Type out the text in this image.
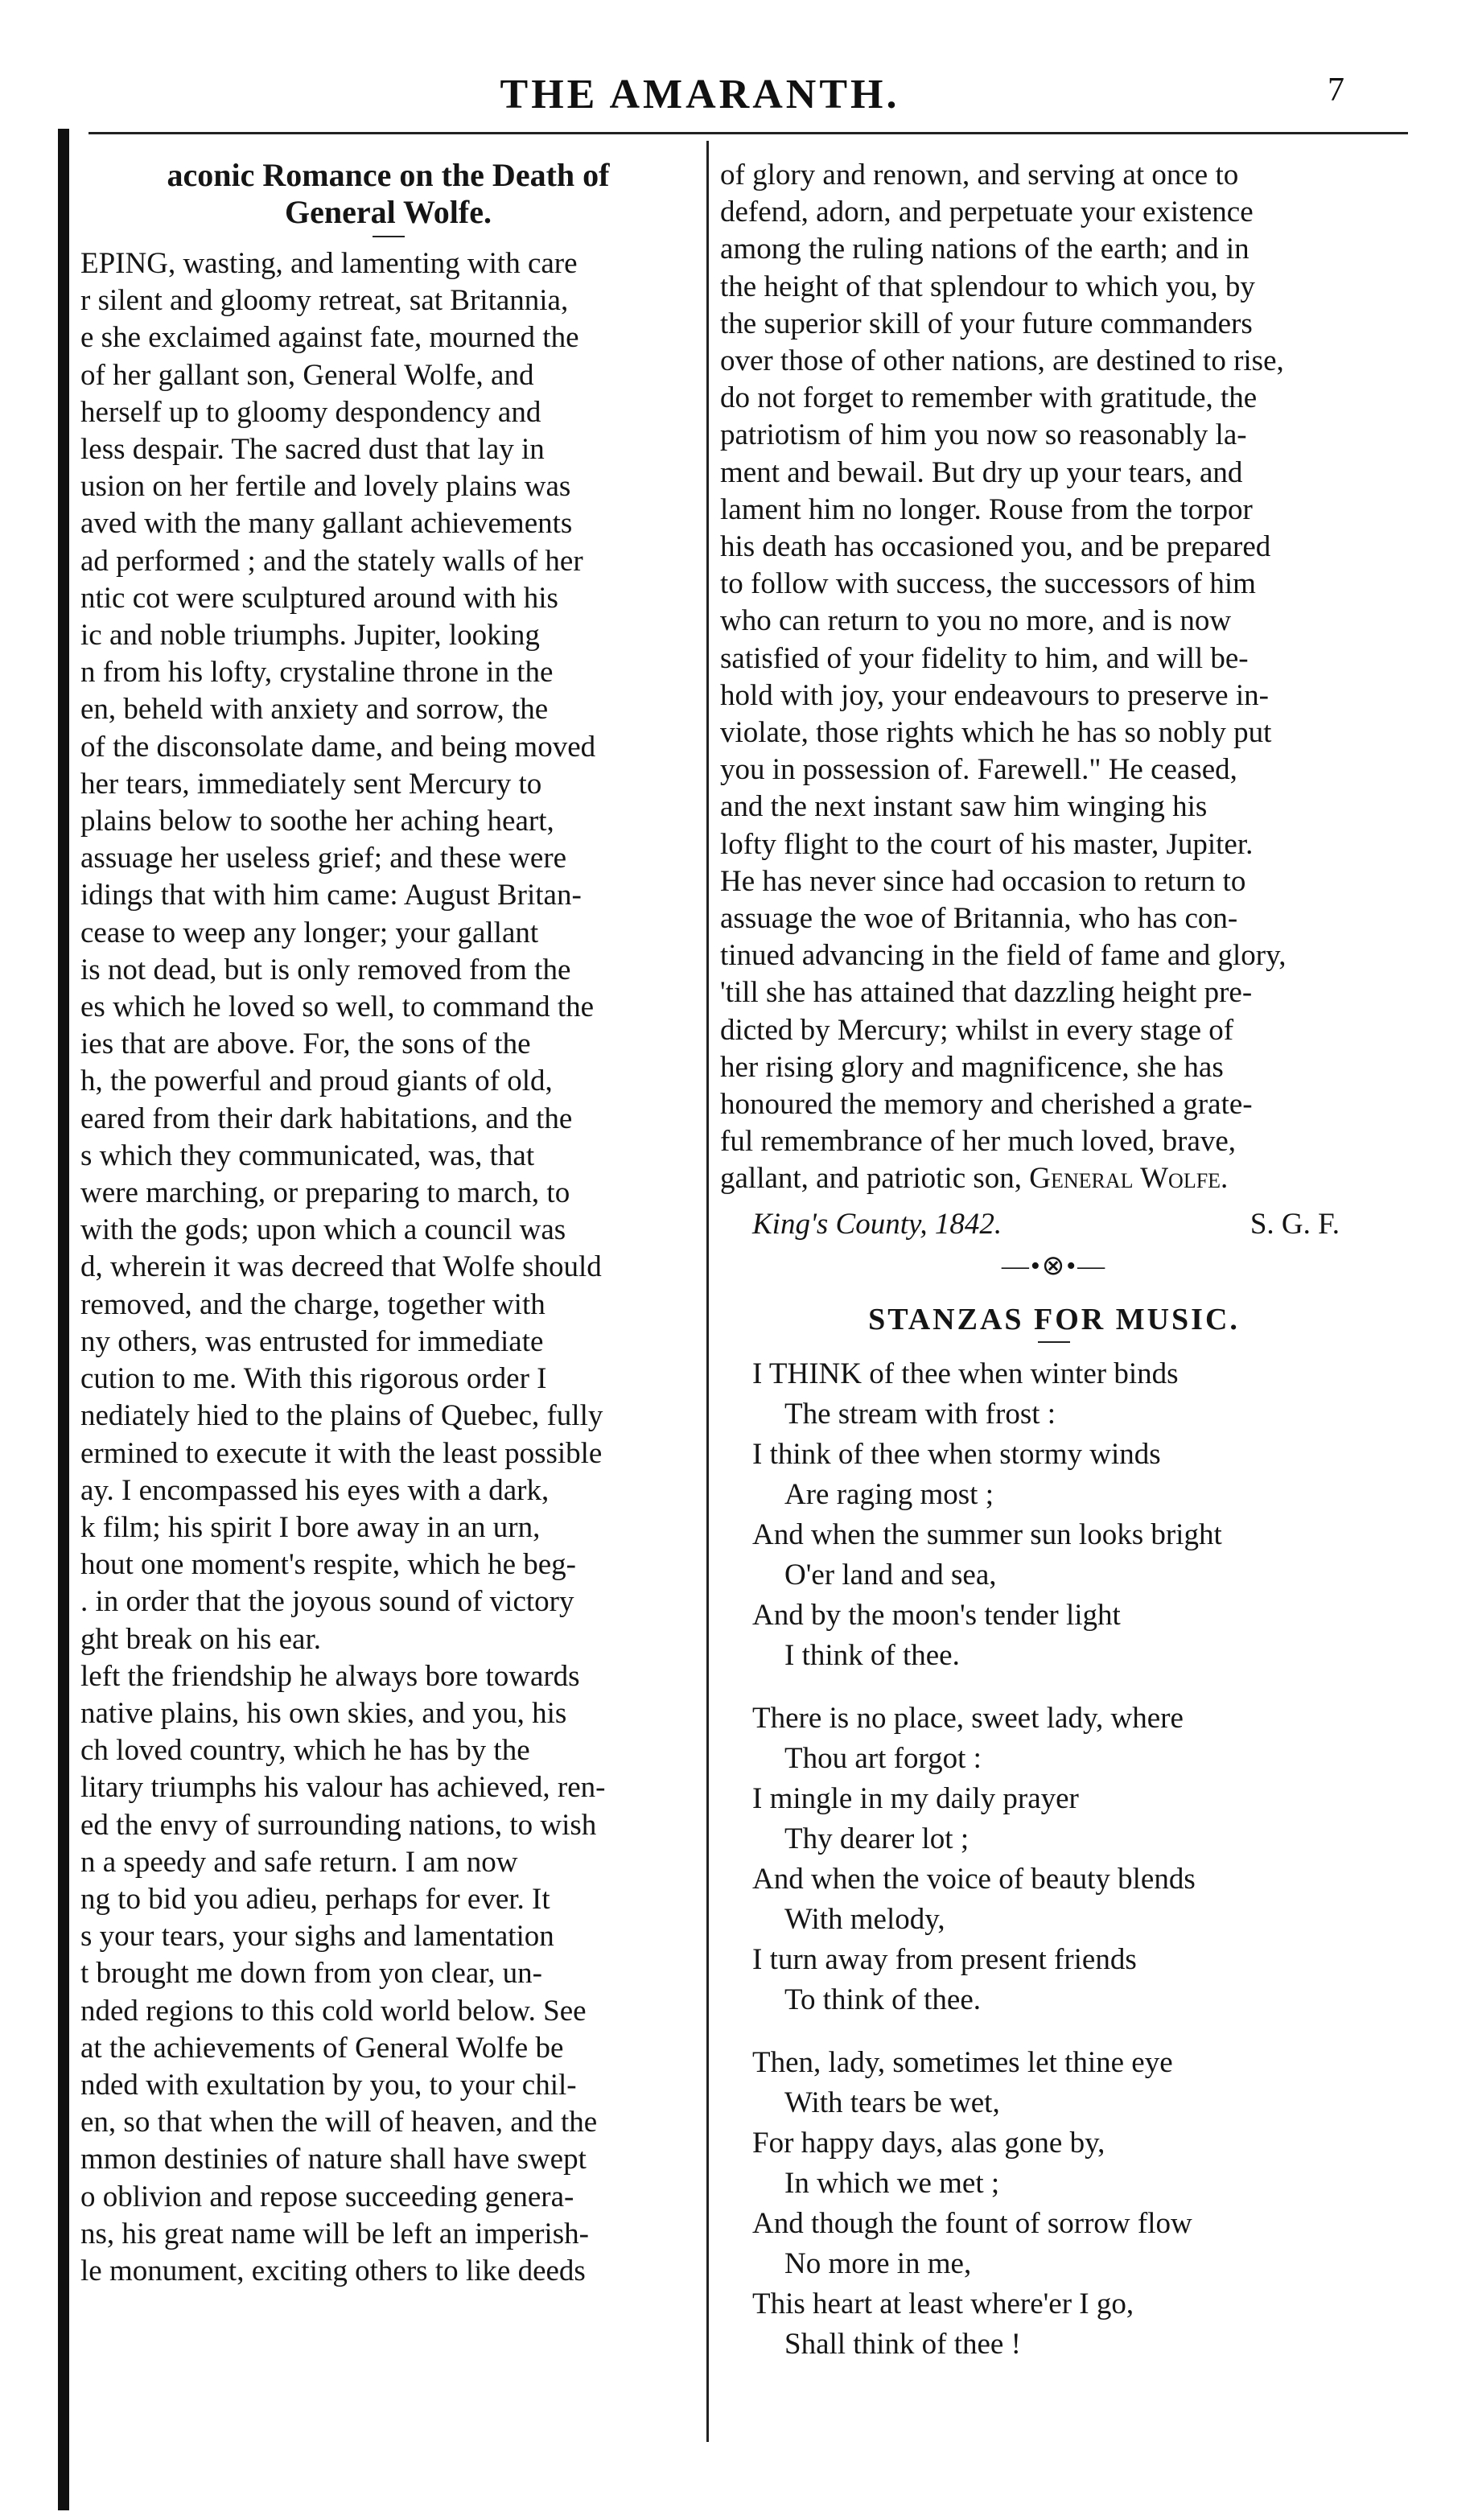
THE AMARANTH.	7
aconic Romance on the Death of
General Wolfe.
EPING, wasting, and lamenting with care
r silent and gloomy retreat, sat Britannia,
e she exclaimed against fate, mourned the
of her gallant son, General Wolfe, and
herself up to gloomy despondency and
less despair. The sacred dust that lay in
usion on her fertile and lovely plains was
aved with the many gallant achievements
ad performed ; and the stately walls of her
ntic cot were sculptured around with his
ic and noble triumphs. Jupiter, looking
n from his lofty, crystaline throne in the
en, beheld with anxiety and sorrow, the
of the disconsolate dame, and being moved
her tears, immediately sent Mercury to
plains below to soothe her aching heart,
assuage her useless grief; and these were
idings that with him came: August Britan-
cease to weep any longer; your gallant
is not dead, but is only removed from the
es which he loved so well, to command the
ies that are above. For, the sons of the
h, the powerful and proud giants of old,
eared from their dark habitations, and the
s which they communicated, was, that
were marching, or preparing to march, to
with the gods; upon which a council was
d, wherein it was decreed that Wolfe should
removed, and the charge, together with
ny others, was entrusted for immediate
cution to me. With this rigorous order I
nediately hied to the plains of Quebec, fully
ermined to execute it with the least possible
ay. I encompassed his eyes with a dark,
k film; his spirit I bore away in an urn,
hout one moment's respite, which he beg-
. in order that the joyous sound of victory
ght break on his ear.
left the friendship he always bore towards
native plains, his own skies, and you, his
ch loved country, which he has by the
litary triumphs his valour has achieved, ren-
ed the envy of surrounding nations, to wish
n a speedy and safe return. I am now
ng to bid you adieu, perhaps for ever. It
s your tears, your sighs and lamentation
t brought me down from yon clear, un-
nded regions to this cold world below. See
at the achievements of General Wolfe be
nded with exultation by you, to your chil-
en, so that when the will of heaven, and the
mmon destinies of nature shall have swept
o oblivion and repose succeeding genera-
ns, his great name will be left an imperish-
le monument, exciting others to like deeds
of glory and renown, and serving at once to
defend, adorn, and perpetuate your existence
among the ruling nations of the earth; and in
the height of that splendour to which you, by
the superior skill of your future commanders
over those of other nations, are destined to rise,
do not forget to remember with gratitude, the
patriotism of him you now so reasonably la-
ment and bewail. But dry up your tears, and
lament him no longer. Rouse from the torpor
his death has occasioned you, and be prepared
to follow with success, the successors of him
who can return to you no more, and is now
satisfied of your fidelity to him, and will be-
hold with joy, your endeavours to preserve in-
violate, those rights which he has so nobly put
you in possession of. Farewell." He ceased,
and the next instant saw him winging his
lofty flight to the court of his master, Jupiter.
He has never since had occasion to return to
assuage the woe of Britannia, who has con-
tinued advancing in the field of fame and glory,
'till she has attained that dazzling height pre-
dicted by Mercury; whilst in every stage of
her rising glory and magnificence, she has
honoured the memory and cherished a grate-
ful remembrance of her much loved, brave,
gallant, and patriotic son, General Wolfe.
King's County, 1842.	S. G. F.
—•⊗•—
STANZAS FOR MUSIC.
I THINK of thee when winter binds
The stream with frost :
I think of thee when stormy winds
Are raging most ;
And when the summer sun looks bright
O'er land and sea,
And by the moon's tender light
I think of thee.
There is no place, sweet lady, where
Thou art forgot :
I mingle in my daily prayer
Thy dearer lot ;
And when the voice of beauty blends
With melody,
I turn away from present friends
To think of thee.
Then, lady, sometimes let thine eye
With tears be wet,
For happy days, alas gone by,
In which we met ;
And though the fount of sorrow flow
No more in me,
This heart at least where'er I go,
Shall think of thee !
